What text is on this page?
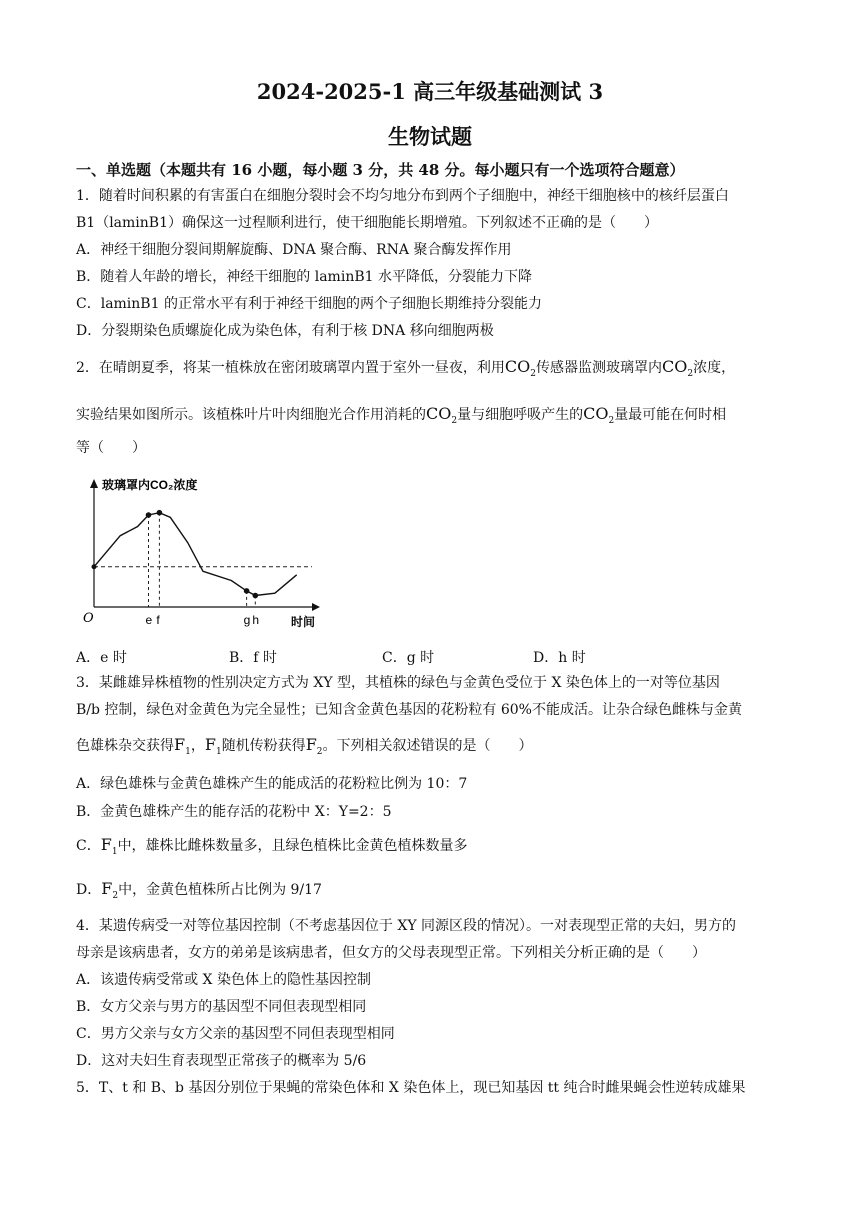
2024-2025-1 高三年级基础测试 3
生物试题
一、单选题（本题共有 16 小题，每小题 3 分，共 48 分。每小题只有一个选项符合题意）
1．随着时间积累的有害蛋白在细胞分裂时会不均匀地分布到两个子细胞中，神经干细胞核中的核纤层蛋白
B1（laminB1）确保这一过程顺利进行，使干细胞能长期增殖。下列叙述不正确的是（　　）
A．神经干细胞分裂间期解旋酶、DNA 聚合酶、RNA 聚合酶发挥作用
B．随着人年龄的增长，神经干细胞的 laminB1 水平降低，分裂能力下降
C．laminB1 的正常水平有利于神经干细胞的两个子细胞长期维持分裂能力
D．分裂期染色质螺旋化成为染色体，有利于核 DNA 移向细胞两极
2．在晴朗夏季，将某一植株放在密闭玻璃罩内置于室外一昼夜，利用$CO_2$传感器监测玻璃罩内$CO_2$浓度，
实验结果如图所示。该植株叶片叶肉细胞光合作用消耗的$CO_2$量与细胞呼吸产生的$CO_2$量最可能在何时相
等（　　）
e f	g h
玻璃罩内CO₂浓度
时间
O
A．e 时	B．f 时	C．g 时	D．h 时
3．某雌雄异株植物的性别决定方式为 XY 型，其植株的绿色与金黄色受位于 X 染色体上的一对等位基因
B/b 控制，绿色对金黄色为完全显性；已知含金黄色基因的花粉粒有 60%不能成活。让杂合绿色雌株与金黄
色雄株杂交获得$F_1$，$F_1$随机传粉获得$F_2$。下列相关叙述错误的是（　　）
A．绿色雄株与金黄色雄株产生的能成活的花粉粒比例为 10：7
B．金黄色雄株产生的能存活的花粉中 X：Y=2：5
C．$F_1$中，雄株比雌株数量多，且绿色植株比金黄色植株数量多
D．$F_2$中，金黄色植株所占比例为 9/17
4．某遗传病受一对等位基因控制（不考虑基因位于 XY 同源区段的情况）。一对表现型正常的夫妇，男方的
母亲是该病患者，女方的弟弟是该病患者，但女方的父母表现型正常。下列相关分析正确的是（　　）
A．该遗传病受常或 X 染色体上的隐性基因控制
B．女方父亲与男方的基因型不同但表现型相同
C．男方父亲与女方父亲的基因型不同但表现型相同
D．这对夫妇生育表现型正常孩子的概率为 5/6
5．T、t 和 B、b 基因分别位于果蝇的常染色体和 X 染色体上，现已知基因 tt 纯合时雌果蝇会性逆转成雄果
